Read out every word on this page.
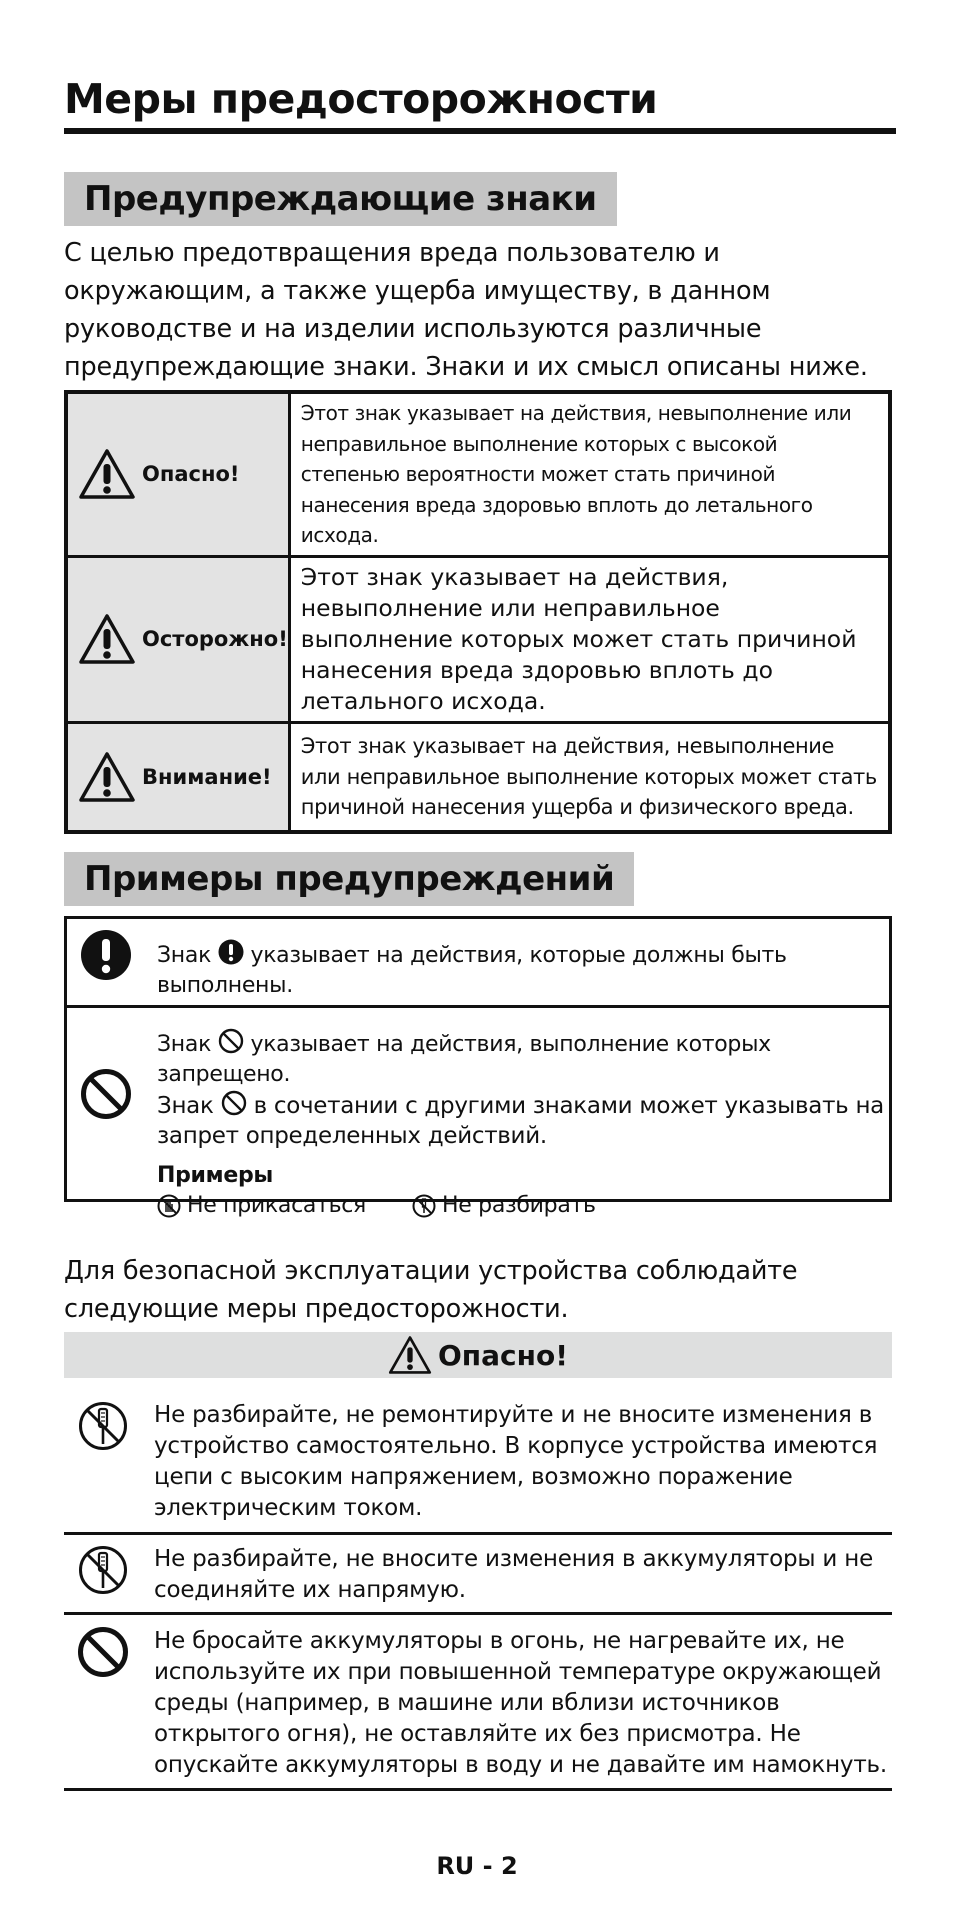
Меры предосторожности
Предупреждающие знаки
С целью предотвращения вреда пользователю и окружающим, а также ущерба имуществу, в данном руководстве и на изделии используются различные предупреждающие знаки. Знаки и их смысл описаны ниже.
Опасно!	Этот знак указывает на действия, невыполнение или неправильное выполнение которых с высокой степенью вероятности может стать причиной нанесения вреда здоровью вплоть до летального исхода.

Осторожно!	Этот знак указывает на действия, невыполнение или неправильное выполнение которых может стать причиной нанесения вреда здоровью вплоть до летального исхода.

Внимание!	Этот знак указывает на действия, невыполнение или неправильное выполнение которых может стать причиной нанесения ущерба и физического вреда.
Примеры предупреждений
Знак указывает на действия, которые должны быть выполнены.
Знак указывает на действия, выполнение которых запрещено.
Знак в сочетании с другими знаками может указывать на запрет определенных действий.
Примеры
Не прикасаться	Не разбирать
Для безопасной эксплуатации устройства соблюдайте следующие меры предосторожности.
Опасно!
Не разбирайте, не ремонтируйте и не вносите изменения в устройство самостоятельно. В корпусе устройства имеются цепи с высоким напряжением, возможно поражение электрическим током.
Не разбирайте, не вносите изменения в аккумуляторы и не соединяйте их напрямую.
Не бросайте аккумуляторы в огонь, не нагревайте их, не используйте их при повышенной температуре окружающей среды (например, в машине или вблизи источников открытого огня), не оставляйте их без присмотра. Не опускайте аккумуляторы в воду и не давайте им намокнуть.
RU - 2
